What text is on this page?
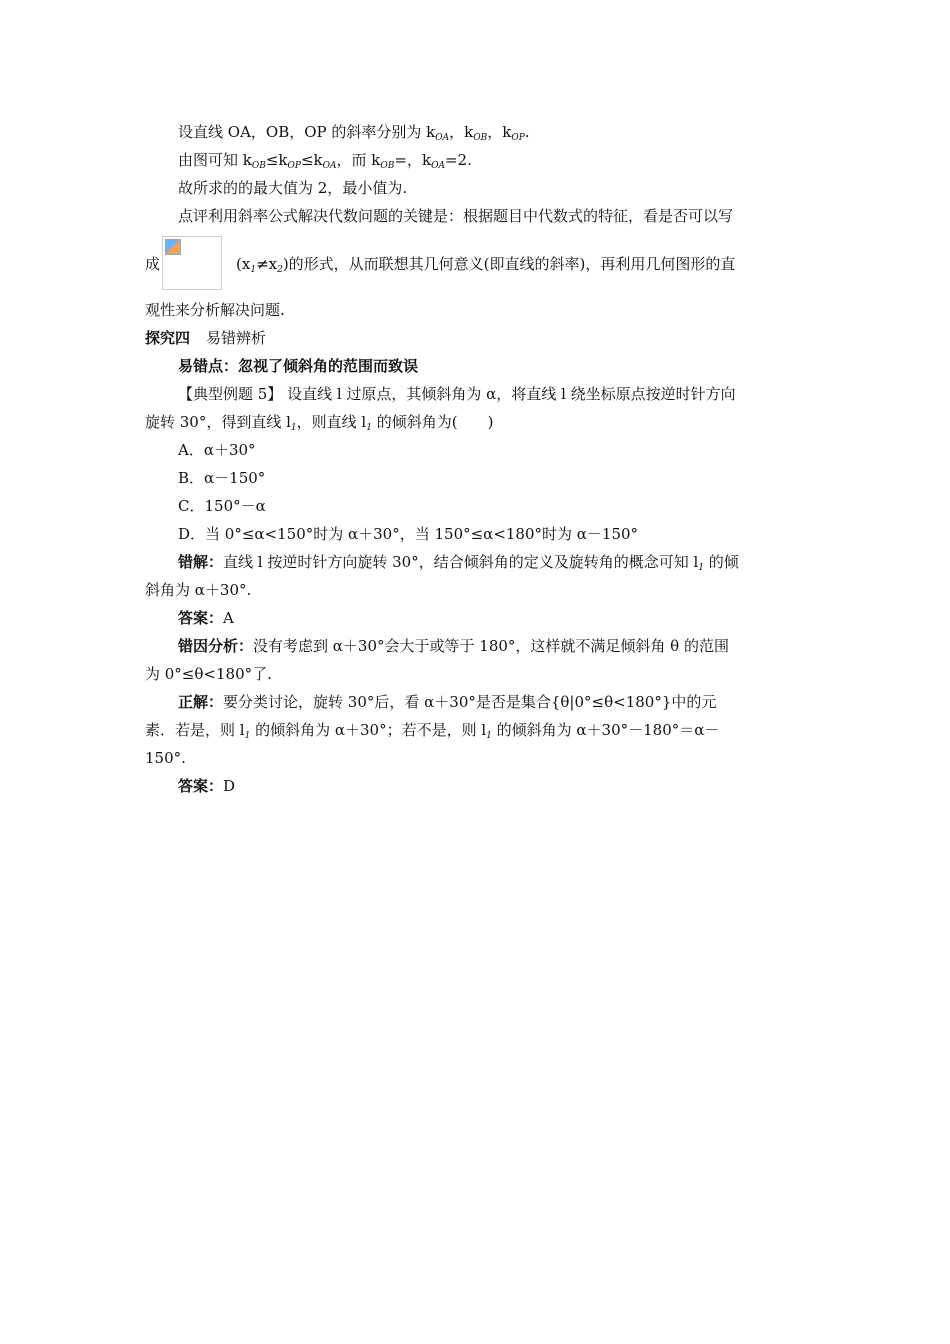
设直线 OA，OB，OP 的斜率分别为 $k_{OA}$，$k_{OB}$，$k_{OP}$.
由图可知 $k_{OB}\le k_{OP}\le k_{OA}$，而 $k_{OB}=$，$k_{OA}=2$.
故所求的的最大值为 2，最小值为.
点评利用斜率公式解决代数问题的关键是：根据题目中代数式的特征，看是否可以写
成	$(x_1\ne x_2)$的形式，从而联想其几何意义(即直线的斜率)，再利用几何图形的直
观性来分析解决问题.
探究四 易错辨析
易错点：忽视了倾斜角的范围而致误
【典型例题 5】 设直线 l 过原点，其倾斜角为 α，将直线 l 绕坐标原点按逆时针方向
旋转 30°，得到直线 $l_1$，则直线 $l_1$ 的倾斜角为(　　)
A．α＋30°
B．α－150°
C．150°－α
D．当 0°≤α<150°时为 α＋30°，当 150°≤α<180°时为 α－150°
错解：直线 l 按逆时针方向旋转 30°，结合倾斜角的定义及旋转角的概念可知 $l_1$ 的倾
斜角为 α＋30°.
答案：A
错因分析：没有考虑到 α＋30°会大于或等于 180°，这样就不满足倾斜角 θ 的范围
为 0°≤θ<180°了.
正解：要分类讨论，旋转 30°后，看 α＋30°是否是集合{θ|0°≤θ<180°}中的元
素．若是，则 $l_1$ 的倾斜角为 α＋30°；若不是，则 $l_1$ 的倾斜角为 α＋30°－180°＝α－
150°.
答案：D
